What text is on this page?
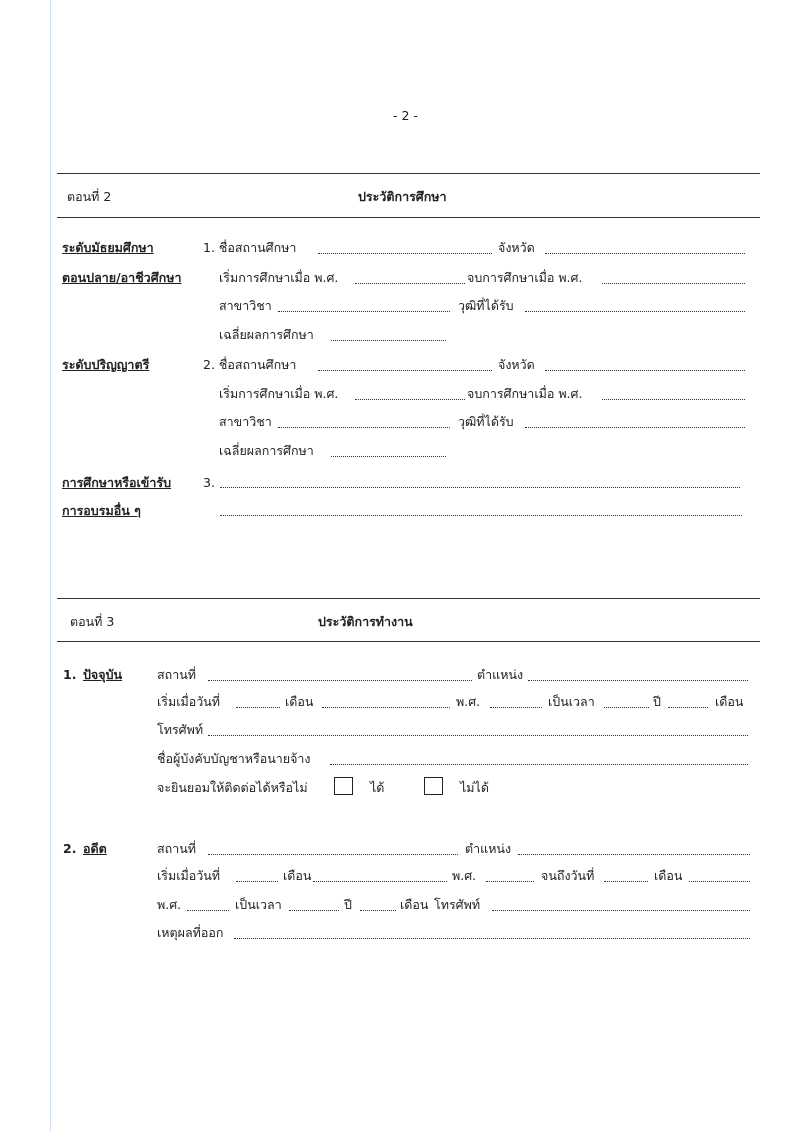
- 2 -
ตอนที่ 2	ประวัติการศึกษา
ระดับมัธยมศึกษา
ตอนปลาย/อาชีวศึกษา
1. ชื่อสถานศึกษา	จังหวัด
เริ่มการศึกษาเมื่อ พ.ศ.	จบการศึกษาเมื่อ พ.ศ.
สาขาวิชา	วุฒิที่ได้รับ
เฉลี่ยผลการศึกษา
ระดับปริญญาตรี	2. ชื่อสถานศึกษา	จังหวัด
เริ่มการศึกษาเมื่อ พ.ศ.	จบการศึกษาเมื่อ พ.ศ.
สาขาวิชา	วุฒิที่ได้รับ
เฉลี่ยผลการศึกษา
การศึกษาหรือเข้ารับ
การอบรมอื่น ๆ
3.
ตอนที่ 3	ประวัติการทำงาน
1. ปัจจุบัน	สถานที่	ตำแหน่ง
เริ่มเมื่อวันที่	เดือน	พ.ศ.	เป็นเวลา	ปี	เดือน
โทรศัพท์
ชื่อผู้บังคับบัญชาหรือนายจ้าง
จะยินยอมให้ติดต่อได้หรือไม่	ได้	ไม่ได้
2. อดีต	สถานที่	ตำแหน่ง
เริ่มเมื่อวันที่	เดือน	พ.ศ.	จนถึงวันที่	เดือน
พ.ศ.	เป็นเวลา	ปี	เดือน โทรศัพท์
เหตุผลที่ออก
